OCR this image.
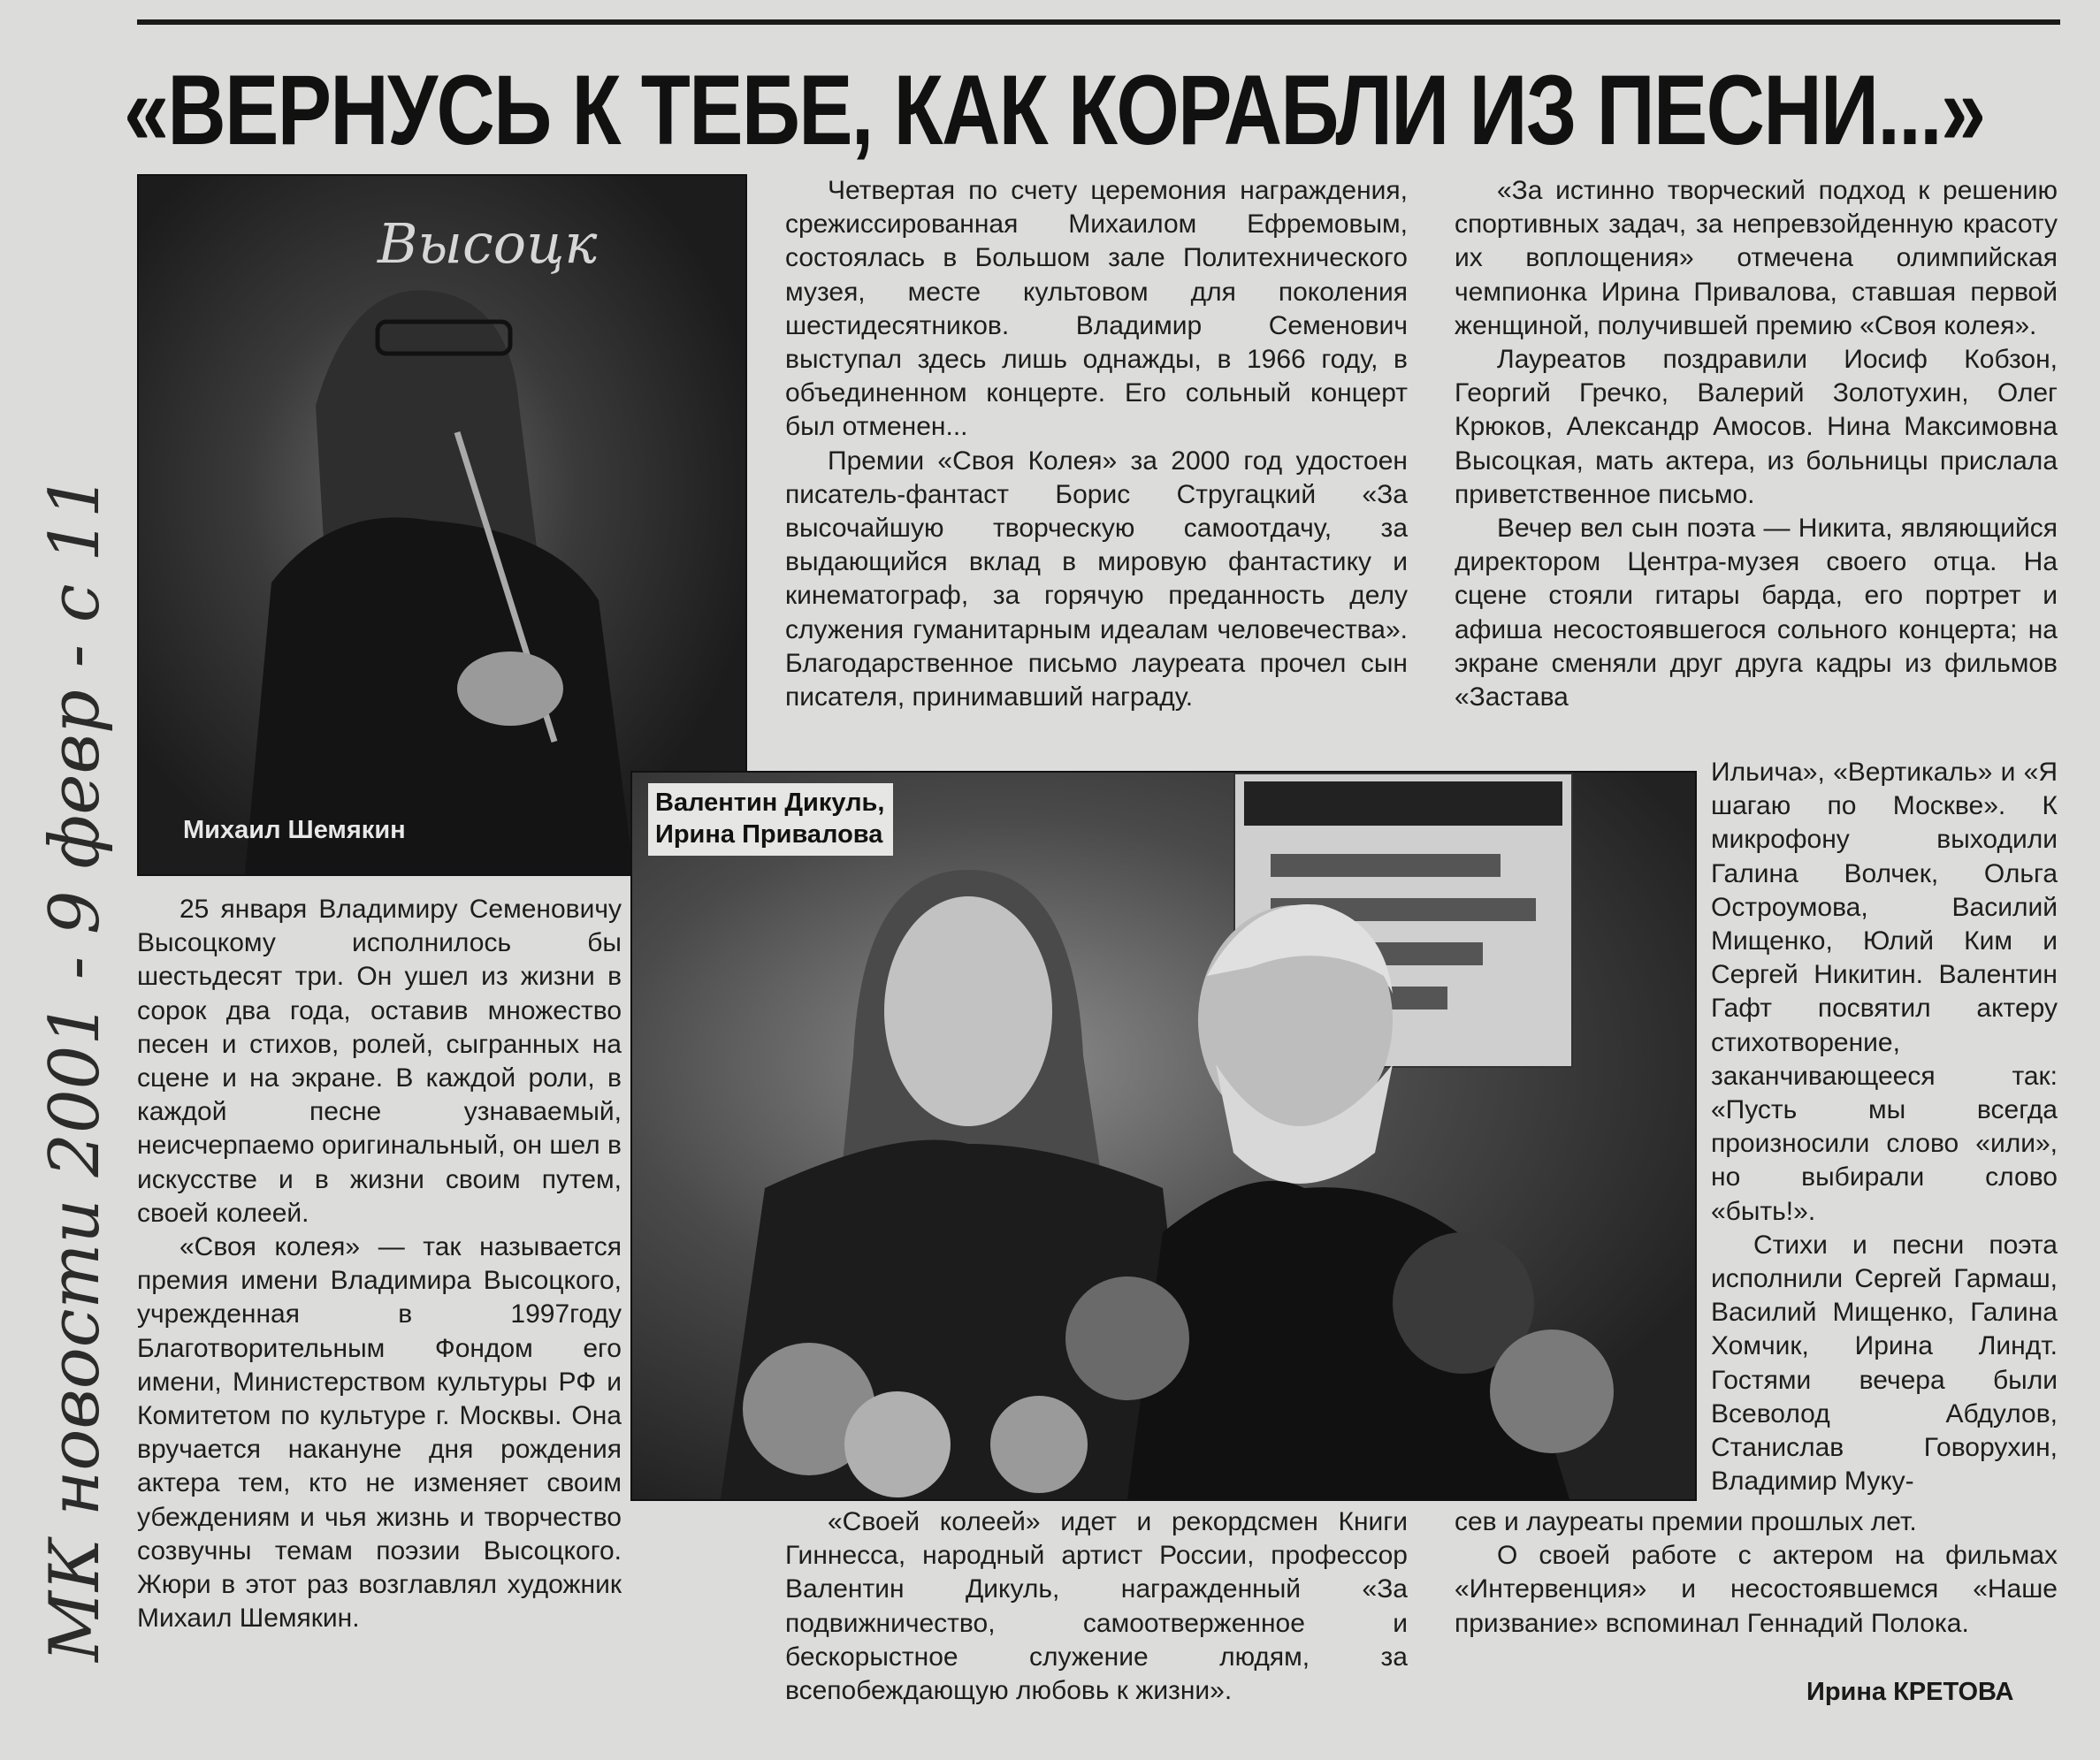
«ВЕРНУСЬ К ТЕБЕ, КАК КОРАБЛИ ИЗ ПЕСНИ...»
Высоцк
Михаил Шемякин

Четвертая по счету церемония награждения, срежиссированная Михаилом Ефремовым, состоялась в Большом зале Политехнического музея, месте культовом для поколения шестидесятников. Владимир Семенович выступал здесь лишь однажды, в 1966 году, в объединенном концерте. Его сольный концерт был отменен...

Премии «Своя Колея» за 2000 год удостоен писатель-фантаст Борис Стругацкий «За высочайшую творческую самоотдачу, за выдающийся вклад в мировую фантастику и кинематограф, за горячую преданность делу служения гуманитарным идеалам человечества». Благодарственное письмо лауреата прочел сын писателя, принимавший награду.

«За истинно творческий подход к решению спортивных задач, за непревзойденную красоту их воплощения» отмечена олимпийская чемпионка Ирина Привалова, ставшая первой женщиной, получившей премию «Своя колея».

Лауреатов поздравили Иосиф Кобзон, Георгий Гречко, Валерий Золотухин, Олег Крюков, Александр Амосов. Нина Максимовна Высоцкая, мать актера, из больницы прислала приветственное письмо.

Вечер вел сын поэта — Никита, являющийся директором Центра-музея своего отца. На сцене стояли гитары барда, его портрет и афиша несостоявшегося сольного концерта; на экране сменяли друг друга кадры из фильмов «Застава

Ильича», «Вертикаль» и «Я шагаю по Москве». К микрофону выходили Галина Волчек, Ольга Остроумова, Василий Мищенко, Юлий Ким и Сергей Никитин. Валентин Гафт посвятил актеру стихотворение, заканчивающееся так: «Пусть мы всегда произносили слово «или», но выбирали слово «быть!».

Стихи и песни поэта исполнили Сергей Гармаш, Василий Мищенко, Галина Хомчик, Ирина Линдт. Гостями вечера были Всеволод Абдулов, Станислав Говорухин, Владимир Муку-

сев и лауреаты премии прошлых лет.

О своей работе с актером на фильмах «Интервенция» и несостоявшемся «Наше призвание» вспоминал Геннадий Полока.

Валентин Дикуль,
Ирина Привалова

25 января Владимиру Семеновичу Высоцкому исполнилось бы шестьдесят три. Он ушел из жизни в сорок два года, оставив множество песен и стихов, ролей, сыгранных на сцене и на экране. В каждой роли, в каждой песне узнаваемый, неисчерпаемо оригинальный, он шел в искусстве и в жизни своим путем, своей колеей.

«Своя колея» — так называется премия имени Владимира Высоцкого, учрежденная в 1997году Благотворительным Фондом его имени, Министерством культуры РФ и Комитетом по культуре г. Москвы. Она вручается накануне дня рождения актера тем, кто не изменяет своим убеждениям и чья жизнь и творчество созвучны темам поэзии Высоцкого. Жюри в этот раз возглавлял художник Михаил Шемякин.

«Своей колеей» идет и рекордсмен Книги Гиннесса, народный артист России, профессор Валентин Дикуль, награжденный «За подвижничество, самоотверженное и бескорыстное служение людям, за всепобеждающую любовь к жизни».

МК новости 2001 - 9 февр - с 11
Ирина КРЕТОВА
